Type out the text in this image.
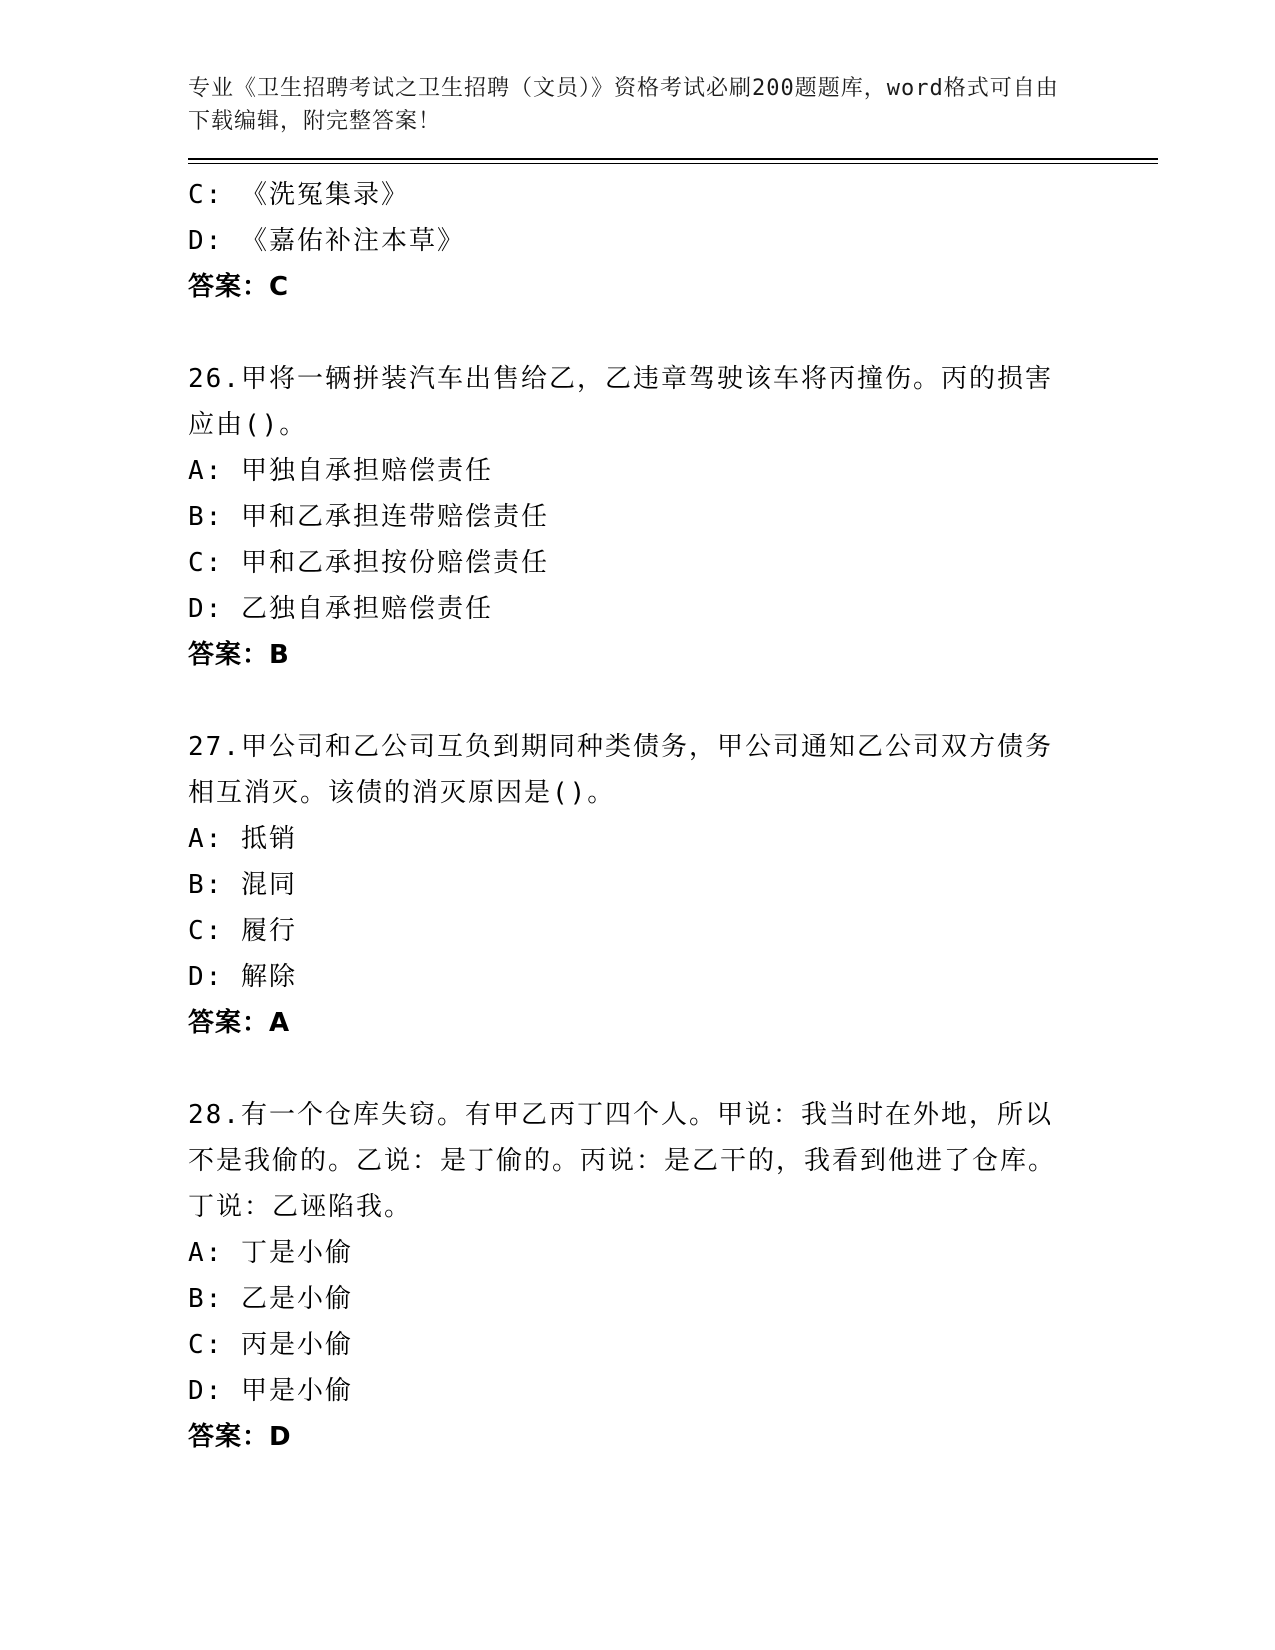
专业《卫生招聘考试之卫生招聘（文员）》资格考试必刷200题题库，word格式可自由下载编辑，附完整答案！
C: 《洗冤集录》
D: 《嘉佑补注本草》
答案：C
26.甲将一辆拼装汽车出售给乙，乙违章驾驶该车将丙撞伤。丙的损害应由()。
A: 甲独自承担赔偿责任
B: 甲和乙承担连带赔偿责任
C: 甲和乙承担按份赔偿责任
D: 乙独自承担赔偿责任
答案：B
27.甲公司和乙公司互负到期同种类债务，甲公司通知乙公司双方债务相互消灭。该债的消灭原因是()。
A: 抵销
B: 混同
C: 履行
D: 解除
答案：A
28.有一个仓库失窃。有甲乙丙丁四个人。甲说：我当时在外地，所以不是我偷的。乙说：是丁偷的。丙说：是乙干的，我看到他进了仓库。丁说：乙诬陷我。
A: 丁是小偷
B: 乙是小偷
C: 丙是小偷
D: 甲是小偷
答案：D
